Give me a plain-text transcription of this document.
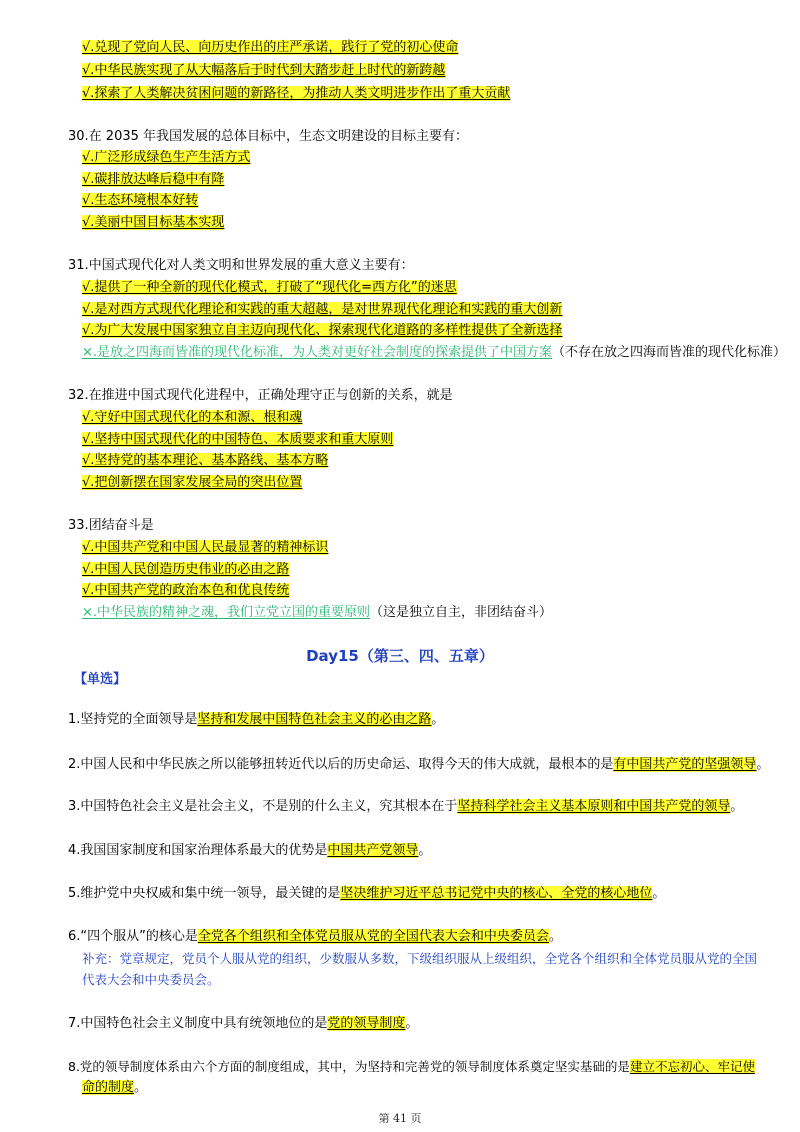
√.兑现了党向人民、向历史作出的庄严承诺，践行了党的初心使命
√.中华民族实现了从大幅落后于时代到大踏步赶上时代的新跨越
√.探索了人类解决贫困问题的新路径，为推动人类文明进步作出了重大贡献
30.在 2035 年我国发展的总体目标中，生态文明建设的目标主要有：
√.广泛形成绿色生产生活方式
√.碳排放达峰后稳中有降
√.生态环境根本好转
√.美丽中国目标基本实现
31.中国式现代化对人类文明和世界发展的重大意义主要有：
√.提供了一种全新的现代化模式，打破了“现代化=西方化”的迷思
√.是对西方式现代化理论和实践的重大超越，是对世界现代化理论和实践的重大创新
√.为广大发展中国家独立自主迈向现代化、探索现代化道路的多样性提供了全新选择
×.是放之四海而皆准的现代化标准，为人类对更好社会制度的探索提供了中国方案（不存在放之四海而皆准的现代化标准）
32.在推进中国式现代化进程中，正确处理守正与创新的关系，就是
√.守好中国式现代化的本和源、根和魂
√.坚持中国式现代化的中国特色、本质要求和重大原则
√.坚持党的基本理论、基本路线、基本方略
√.把创新摆在国家发展全局的突出位置
33.团结奋斗是
√.中国共产党和中国人民最显著的精神标识
√.中国人民创造历史伟业的必由之路
√.中国共产党的政治本色和优良传统
×.中华民族的精神之魂，我们立党立国的重要原则（这是独立自主，非团结奋斗）
Day15（第三、四、五章）
【单选】
1.坚持党的全面领导是坚持和发展中国特色社会主义的必由之路。
2.中国人民和中华民族之所以能够扭转近代以后的历史命运、取得今天的伟大成就，最根本的是有中国共产党的坚强领导。
3.中国特色社会主义是社会主义，不是别的什么主义，究其根本在于坚持科学社会主义基本原则和中国共产党的领导。
4.我国国家制度和国家治理体系最大的优势是中国共产党领导。
5.维护党中央权威和集中统一领导，最关键的是坚决维护习近平总书记党中央的核心、全党的核心地位。
6.“四个服从”的核心是全党各个组织和全体党员服从党的全国代表大会和中央委员会。
补充：党章规定，党员个人服从党的组织，少数服从多数，下级组织服从上级组织，全党各个组织和全体党员服从党的全国
代表大会和中央委员会。
7.中国特色社会主义制度中具有统领地位的是党的领导制度。
8.党的领导制度体系由六个方面的制度组成，其中，为坚持和完善党的领导制度体系奠定坚实基础的是建立不忘初心、牢记使
命的制度。
第 41 页
